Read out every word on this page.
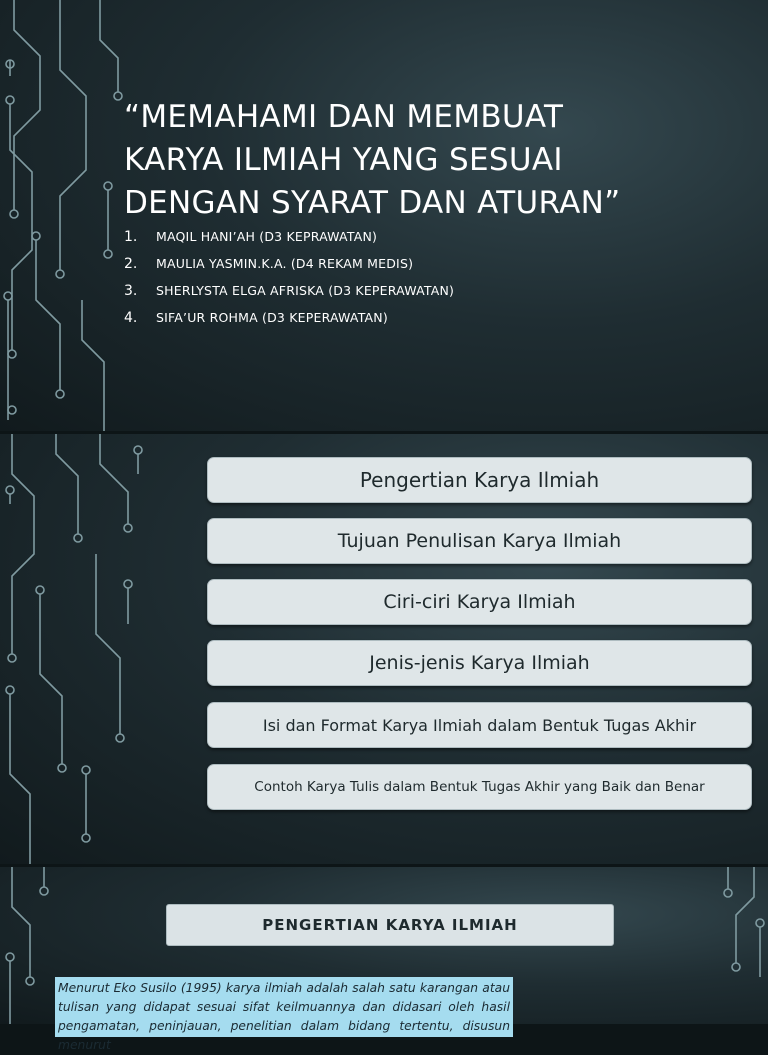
“MEMAHAMI DAN MEMBUAT
KARYA ILMIAH YANG SESUAI
DENGAN SYARAT DAN ATURAN”
1.	MAQIL HANI’AH (D3 KEPRAWATAN)
2.	MAULIA YASMIN.K.A. (D4 REKAM MEDIS)
3.	SHERLYSTA ELGA AFRISKA (D3 KEPERAWATAN)
4.	SIFA’UR ROHMA (D3 KEPERAWATAN)
Pengertian Karya Ilmiah
Tujuan Penulisan Karya Ilmiah
Ciri-ciri Karya Ilmiah
Jenis-jenis Karya Ilmiah
Isi dan Format Karya Ilmiah dalam Bentuk Tugas Akhir
Contoh Karya Tulis dalam Bentuk Tugas Akhir yang Baik dan Benar
PENGERTIAN KARYA ILMIAH

Menurut Eko Susilo (1995) karya ilmiah adalah salah satu karangan atau tulisan yang didapat sesuai sifat keilmuannya dan didasari oleh hasil pengamatan, peninjauan, penelitian dalam bidang tertentu, disusun menurut
